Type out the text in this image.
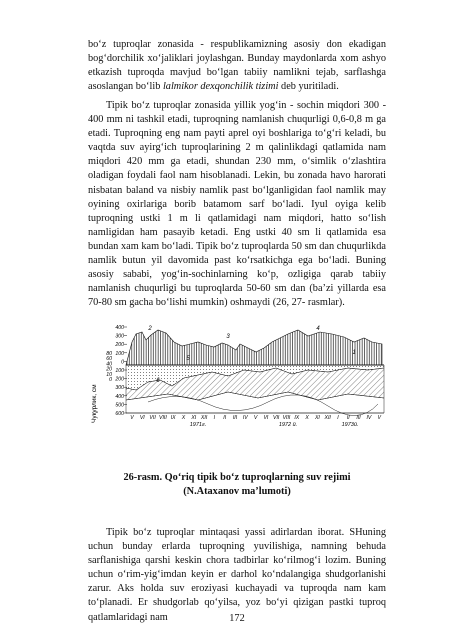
bo‘z tuproqlar zonasida - respublikamizning asosiy don ekadigan bog‘dorchilik xo‘jaliklari joylashgan. Bunday maydonlarda xom ashyo etkazish tuproqda mavjud bo‘lgan tabiiy namlikni tejab, sarflashga asoslangan bo‘lib lalmikor dexqonchilik tizimi deb yuritiladi.

Tipik bo‘z tuproqlar zonasida yillik yog‘in - sochin miqdori 300 - 400 mm ni tashkil etadi, tuproqning namlanish chuqurligi 0,6-0,8 m ga etadi. Tuproqning eng nam payti aprel oyi boshlariga to‘g‘ri keladi, bu vaqtda suv ayirg‘ich tuproqlarining 2 m qalinlikdagi qatlamida nam miqdori 420 mm ga etadi, shundan 230 mm, o‘simlik o‘zlashtira oladigan foydali faol nam hisoblanadi. Lekin, bu zonada havo harorati nisbatan baland va nisbiy namlik past bo‘lganligidan faol namlik may oyining oxirlariga borib batamom sarf bo‘ladi. Iyul oyiga kelib tuproqning ustki 1 m li qatlamidagi nam miqdori, hatto so‘lish namligidan ham pasayib ketadi. Eng ustki 40 sm li qatlamida esa bundan xam kam bo‘ladi. Tipik bo‘z tuproqlarda 50 sm dan chuqurlikda namlik butun yil davomida past ko‘rsatkichga ega bo‘ladi. Buning asosiy sababi, yog‘in-sochinlarning ko‘p, ozligiga qarab tabiiy namlanish chuqurligi bu tuproqlarda 50-60 sm dan (ba’zi yillarda esa 70-80 sm gacha bo‘lishi mumkin) oshmaydi (26, 27- rasmlar).

80
60
40
20
10
0
400
300
200
100
0
100
200
300
400
500
600
Чуқурлик, см
2
3
4
1
6
5
V VI VII VIII IX X XI XII I II III IV V VI VII VIII IX X XI XII I II III IV V
1971г.	1972 й.	1973й.
26-rasm. Qo‘riq tipik bo‘z tuproqlarning suv rejimi
(N.Ataxanov ma’lumoti)

Tipik bo‘z tuproqlar mintaqasi yassi adirlardan iborat. SHuning uchun bunday erlarda tuproqning yuvilishiga, namning behuda sarflanishiga qarshi keskin chora tadbirlar ko‘rilmog‘i lozim. Buning uchun o‘rim-yig‘imdan keyin er darhol ko‘ndalangiga shudgorlanishi zarur. Aks holda suv eroziyasi kuchayadi va tuproqda nam kam to‘planadi. Er shudgorlab qo‘yilsa, yoz bo‘yi qizigan pastki tuproq qatlamlaridagi nam	172
